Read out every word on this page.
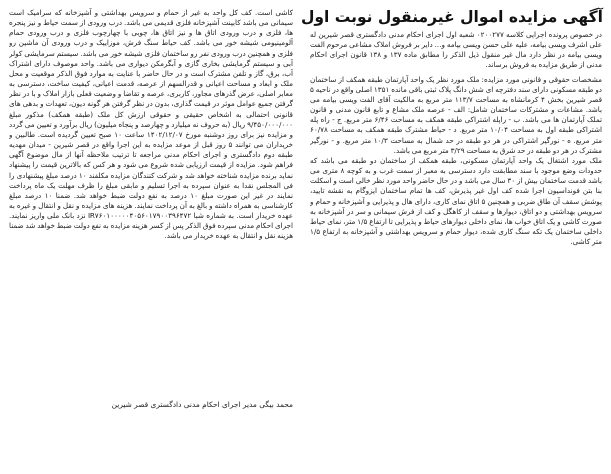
آگهی مزایده اموال غیرمنقول نوبت اول

در خصوص پرونده اجرایی کلاسه ۰۲۰۰۲۷۷ شعبه اول اجرای احکام مدنی دادگستری قصر شیرین له علی اشرف ویسی بیامه، علیه علی حسن ویسی بیامه و... دایر بر فروش املاک مشاعی مرحوم الفت ویسی بیامه در نظر دارد مال غیر منقول ذیل الذکر را مطابق ماده ۱۳۷ و ۱۳۸ قانون اجرای احکام مدنی از طریق مزایده به فروش برساند.

مشخصات حقوقی و قانونی مورد مزایده: ملک مورد نظر یک واحد آپارتمان طبقه همکف از ساختمان دو طبقه مسکونی دارای سند دفترچه ای شش دانگ پلاک ثبتی باقی مانده ۱۳۵۱ اصلی واقع در ناحیه ۵ قصر شیرین بخش ۴ کرمانشاه به مساحت ۱۱۳/۷ متر مربع به مالکیت آقای الفت ویسی بیامه می باشد. مشاعات و مشترکات ساختمان شامل: الف - عرصه ملک مشاع و تابع قانون مدنی و قانون تملک آپارتمان ها می باشد. ب - راپله اشتراکی طبقه همکف به مساحت ۶/۴۶ متر مربع. ج - راه پله اشتراکی طبقه اول به مساحت ۱۰/۰۴ متر مربع. د - حیاط مشترک طبقه همکف به مساحت ۶۰/۷۸ متر مربع. ه - نورگیر اشتراکی در هر دو طبقه در حد شمال به مساحت ۱۰/۳ متر مربع. و - نورگیر مشترک در هر دو طبقه در حد شرق به مساحت ۳/۲۹ متر مربع می باشد.

ملک مورد اشتغال یک واحد آپارتمان مسکونی، طبقه همکف از ساختمان دو طبقه می باشد که حدودات وضع موجود با سند مطابقت دارد دسترسی به معبر از سمت غرب و به کوچه ۸ متری می باشد قدمت ساختمان بیش از ۳۰ سال می باشد و در حال حاضر واحد مورد نظر خالی است و اسکلت بنا بتن فونداسیون اجرا شده کف اول غیر پذیرش، کف ها تمام ساختمان ایزوگام به نقشه تایید، پوشش سقف آن طاق ضربی و همچنین ۵ اتاق نمای کاری، دارای هال و پذیرایی و آشپزخانه و حمام و سرویس بهداشتی و دو اتاق، دیوارها و سقف از کاهگل و کف از فرش سیمانی و سر در آشپزخانه به صورت کاشی و یک اتاق خواب ها، نمای داخلی دیوارهای حیاط و پذیرایی تا ارتفاع ۱/۵ متر، نمای حیاط داخلی ساختمان یک تکه سنگ کاری شده، دیوار حمام و سرویس بهداشتی و آشپزخانه به ارتفاع ۱/۵ متر کاشی.

کاشی است. کف کل واحد به غیر از حمام و سرویس بهداشتی و آشپزخانه که سرامیک است سیمانی می باشد کابینت آشپزخانه فلزی قدیمی می باشد. درب ورودی از سمت حیاط و نیز پنجره ها، فلزی و درب ورودی اتاق ها و نیز اتاق ها، چوبی با چهارچوب فلزی و درب ورودی حمام آلومینیومی شیشه خور می باشد. کف حیاط سنگ فرش، موزاییک و درب ورودی آن ماشین رو فلزی و همچنین درب ورودی نفر رو ساختمان فلزی شیشه خور می باشد. سیستم سرمایشی کولر آبی و سیستم گرمایشی بخاری گازی و آبگرمکن دیواری می باشد. واحد موصوف دارای اشتراک آب، برق، گاز و تلفن مشترک است و در حال حاضر با عنایت به موارد فوق الذکر موقعیت و محل ملک و ابعاد و مساحت اعیانی و قدرالسهم از عرصه، قدمت اعیانی، کیفیت ساخت، دسترسی به معابر اصلی، عرض گذرهای مجاور، کاربری، عرصه و تقاضا و وضعیت فعلی بازار املاک و با در نظر گرفتن جمیع عوامل موثر در قیمت گذاری، بدون در نظر گرفتن هر گونه دیون، تعهدات و بدهی های قانونی احتمالی به اشخاص حقیقی و حقوقی ارزش کل ملک (طبقه همکف) مذکور مبلغ ۹/۴۵۰/۰۰۰/۰۰۰ ریال (به حروف نه میلیارد و چهارصد و پنجاه میلیون) ریال برآورد و تعیین می گردد و مزایده نیز برای روز دوشنبه مورخ ۱۴۰۲/۱۲/۰۷ ساعت ۱۰ صبح تعیین گردیده است. طالبین و خریداران می توانند ۵ روز قبل از موعد مزایده به این اجرا واقع در قصر شیرین - میدان مهدیه طبقه دوم دادگستری و اجرای احکام مدنی مراجعه تا ترتیب ملاحظه آنها از مال موضوع آگهی فراهم شود. مزایده از قیمت ارزیابی شده شروع می شود و هر کس که بالاترین قیمت را پیشنهاد نماید برنده مزایده شناخته خواهد شد و شرکت کنندگان مزایده مکلفند ۱۰ درصد مبلغ پیشنهادی را فی المجلس نقدا به عنوان سپرده به اجرا تسلیم و مابقی مبلغ را ظرف مهلت یک ماه پرداخت نمایند در غیر این صورت مبلغ ۱۰ درصد به نفع دولت ضبط خواهد شد. ضمنا ۱۰ درصد مبلغ کارشناسی به همراه داشته و بالغ به آن پرداخت نمایند. هزینه های مزایده و نقل و انتقال و غیره به عهده خریدار است. به شماره شبا IR۷۶۰۱۰۰۰۰۰۴۰۵۶۰۱۷۹۰۰۳۹۶۴۷۲ نزد بانک ملی واریز نمایند. اجرای احکام مدنی سپرده فوق الذکر پس از کسر هزینه مزایده به نفع دولت ضبط خواهد شد ضمنا هزینه نقل و انتقال به عهده خریدار می باشد.

محمد بیگی مدیر اجرای احکام مدنی دادگستری قصر شیرین
